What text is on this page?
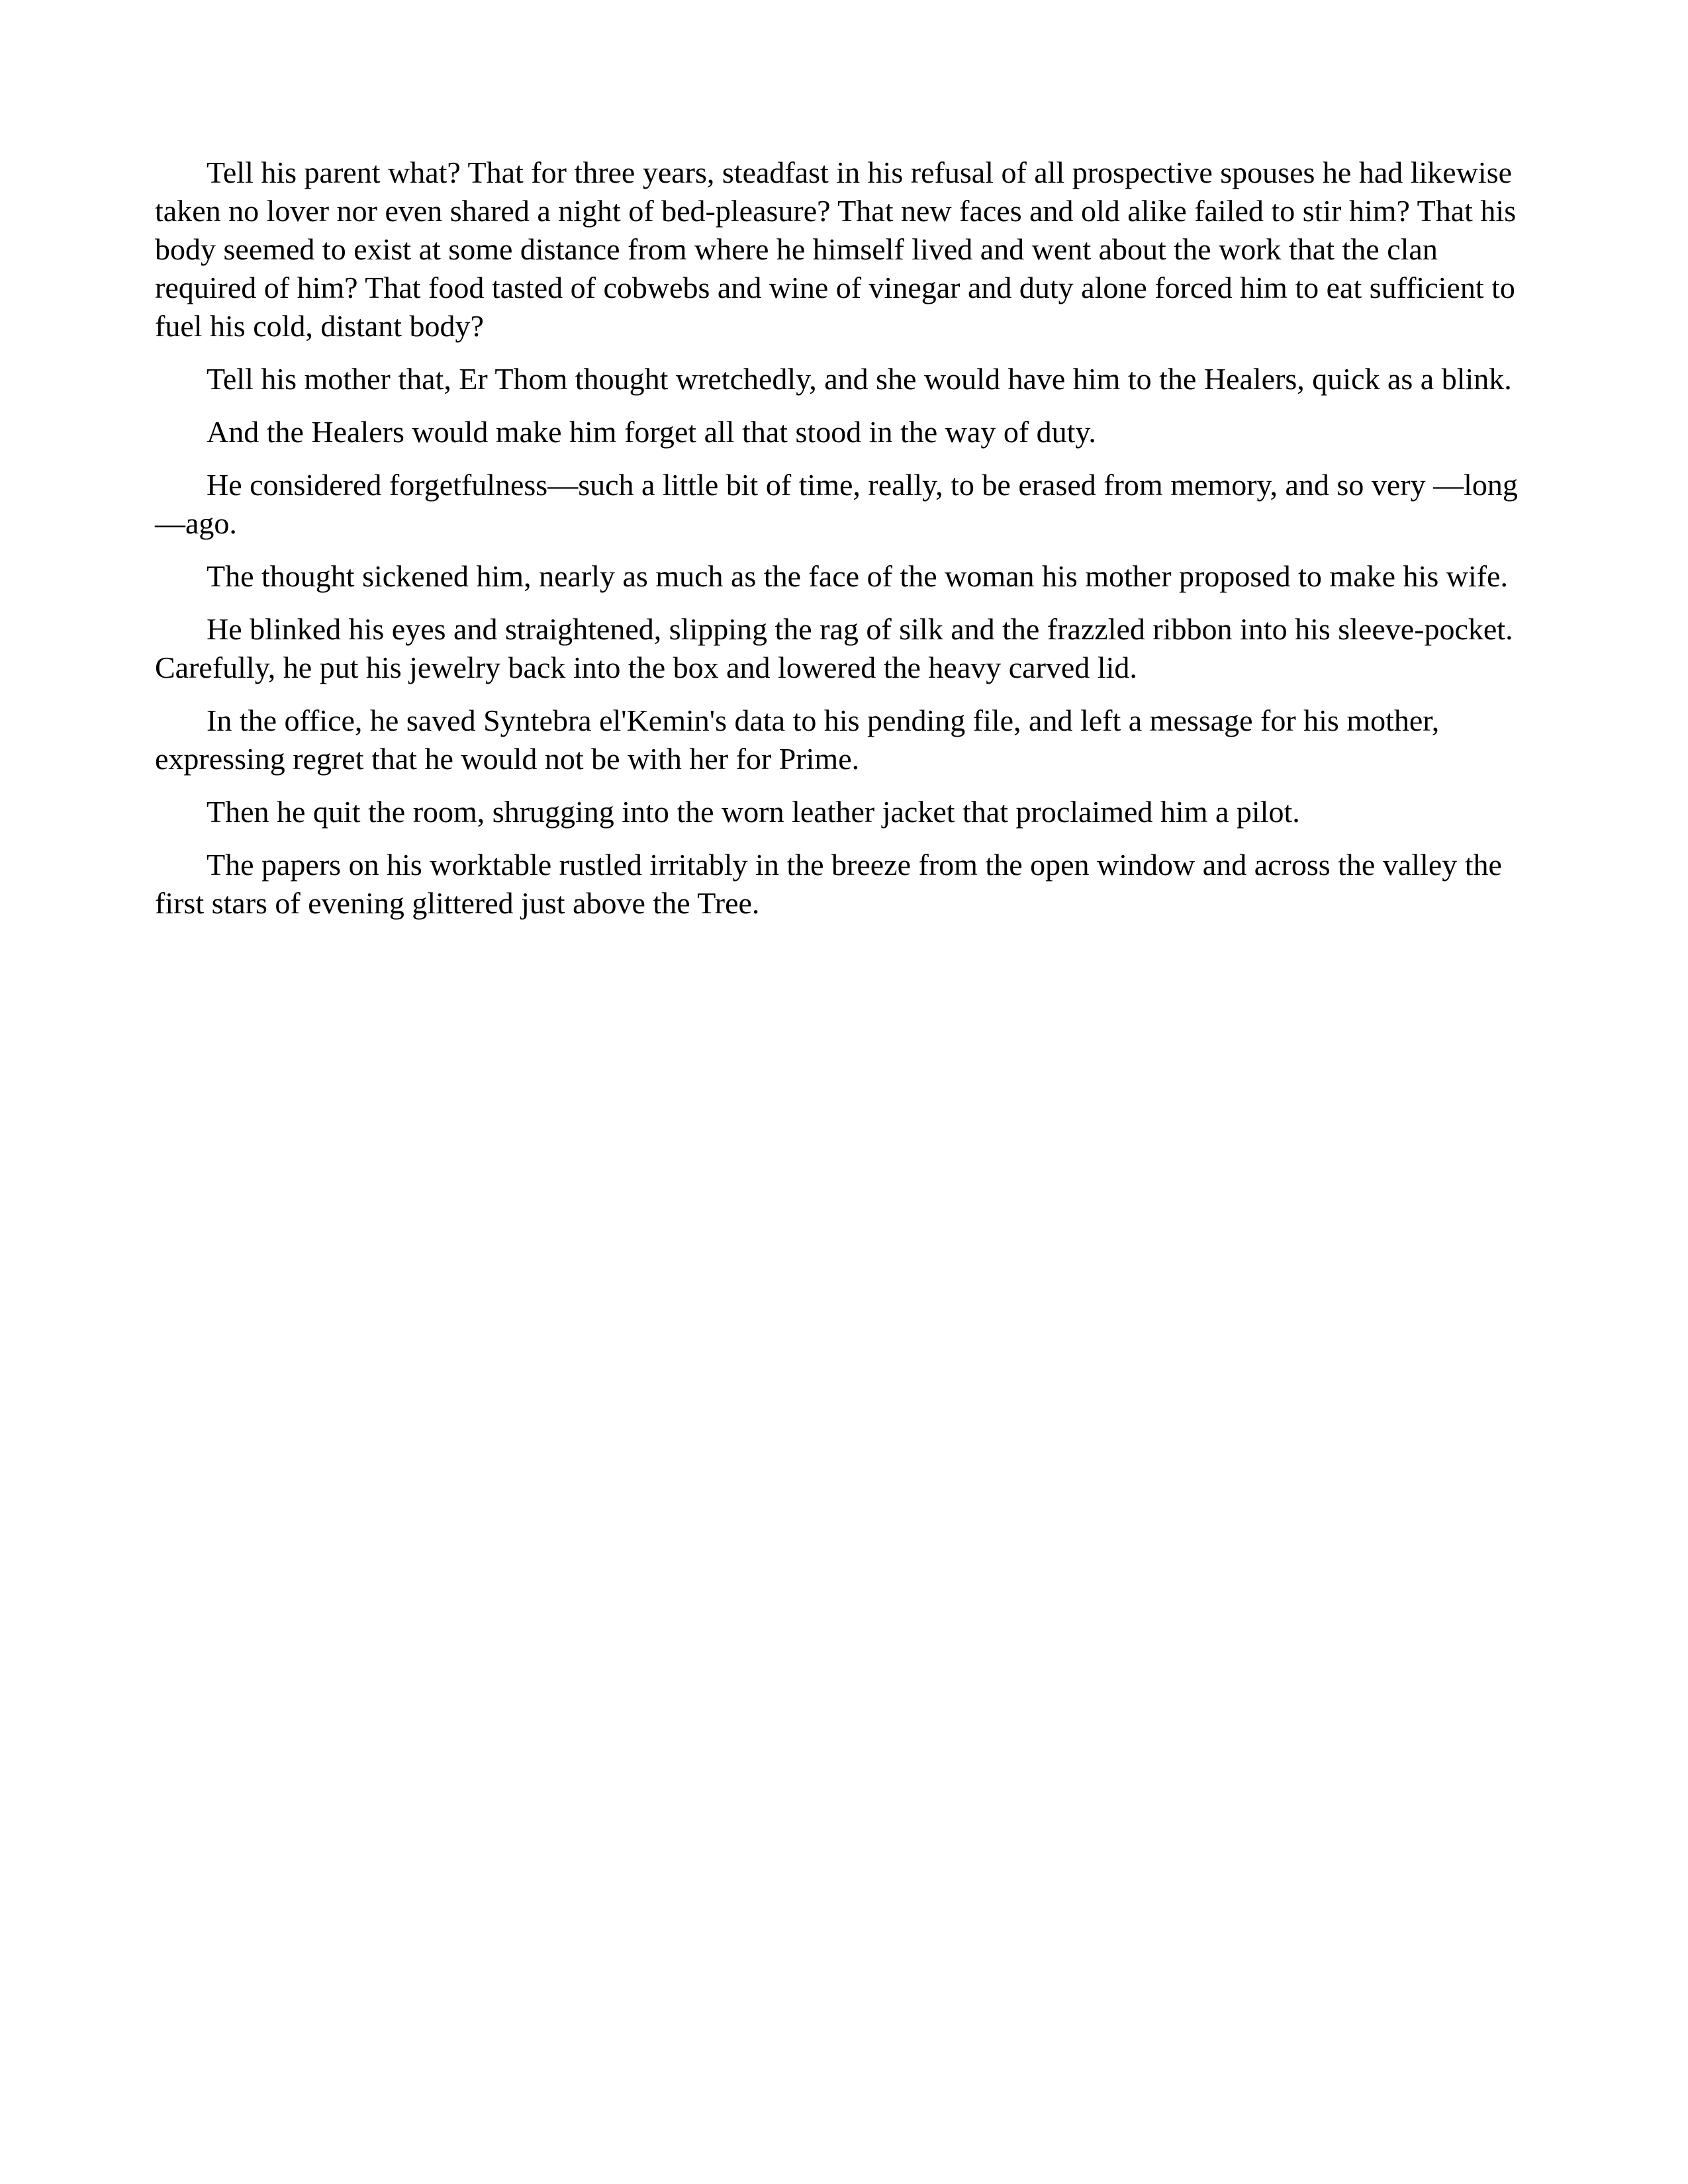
Tell his parent what? That for three years, steadfast in his refusal of all prospective spouses he had likewise taken no lover nor even shared a night of bed-pleasure? That new faces and old alike failed to stir him? That his body seemed to exist at some distance from where he himself lived and went about the work that the clan required of him? That food tasted of cobwebs and wine of vinegar and duty alone forced him to eat sufficient to fuel his cold, distant body?

Tell his mother that, Er Thom thought wretchedly, and she would have him to the Healers, quick as a blink.

And the Healers would make him forget all that stood in the way of duty.

He considered forgetfulness—such a little bit of time, really, to be erased from memory, and so very —long—ago.

The thought sickened him, nearly as much as the face of the woman his mother proposed to make his wife.

He blinked his eyes and straightened, slipping the rag of silk and the frazzled ribbon into his sleeve-pocket. Carefully, he put his jewelry back into the box and lowered the heavy carved lid.

In the office, he saved Syntebra el'Kemin's data to his pending file, and left a message for his mother, expressing regret that he would not be with her for Prime.

Then he quit the room, shrugging into the worn leather jacket that proclaimed him a pilot.

The papers on his worktable rustled irritably in the breeze from the open window and across the valley the first stars of evening glittered just above the Tree.
